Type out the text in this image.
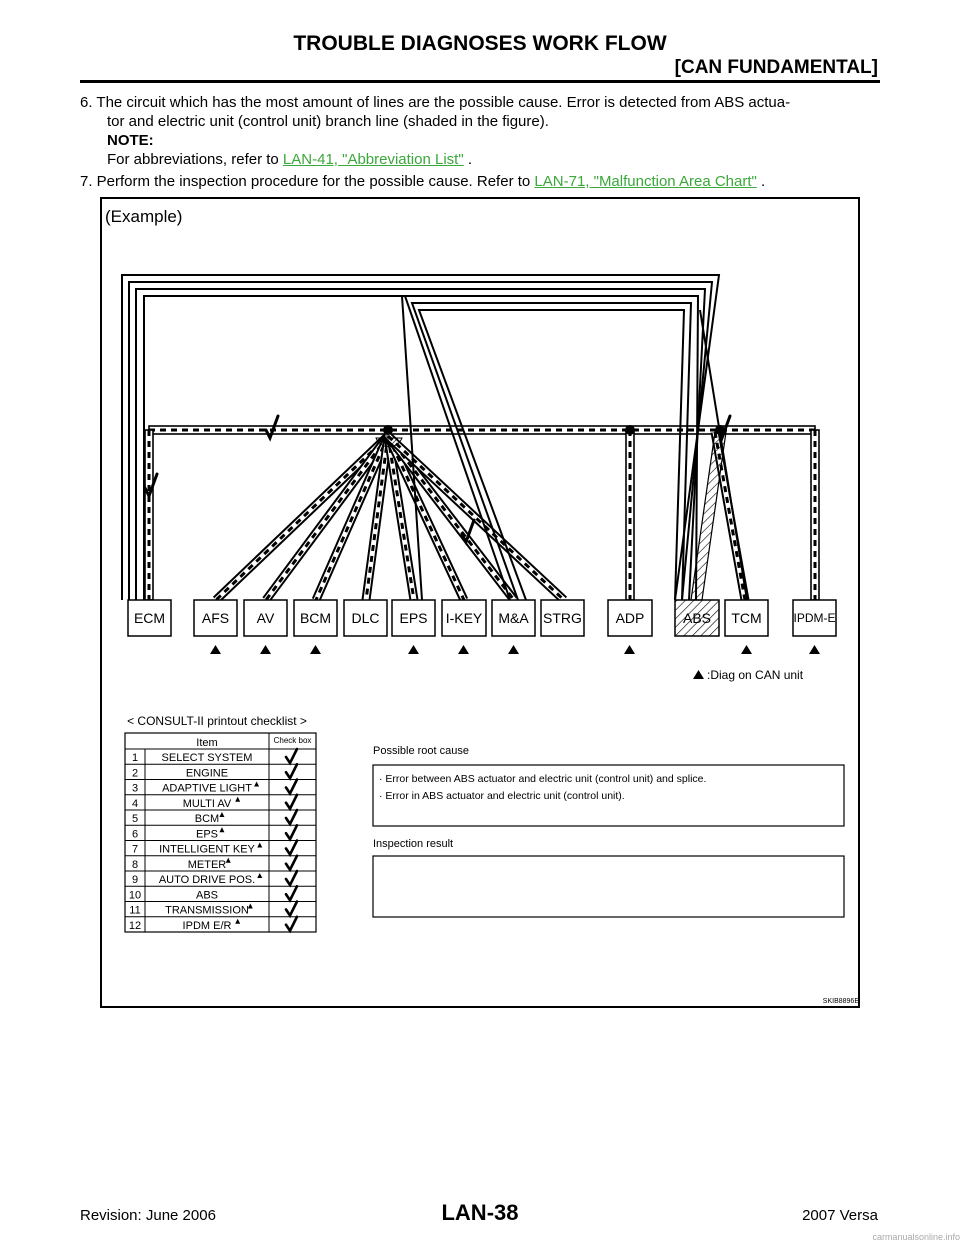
TROUBLE DIAGNOSES WORK FLOW
[CAN FUNDAMENTAL]
6. The circuit which has the most amount of lines are the possible cause. Error is detected from ABS actua-
tor and electric unit (control unit) branch line (shaded in the figure).
NOTE:
For abbreviations, refer to LAN-41, "Abbreviation List" .
7. Perform the inspection procedure for the possible cause. Refer to LAN-71, "Malfunction Area Chart" .
(Example)
ECM	AFS AV BCM DLC EPS I-KEY M&A STRG ADP	ABS TCM	IPDM-E
:Diag on CAN unit
< CONSULT-II printout checklist >
Item	Check box
1 SELECT SYSTEM
2	ENGINE
3 ADAPTIVE LIGHT
4	MULTI AV
5	BCM
6	EPS
7 INTELLIGENT KEY
8	METER
9 AUTO DRIVE POS.
10	ABS
11 TRANSMISSION
12	IPDM E/R
Possible root cause
· Error between ABS actuator and electric unit (control unit) and splice.
· Error in ABS actuator and electric unit (control unit).
Inspection result
SKIB8896E
Revision: June 2006	LAN-38	2007 Versa
carmanualsonline.info
